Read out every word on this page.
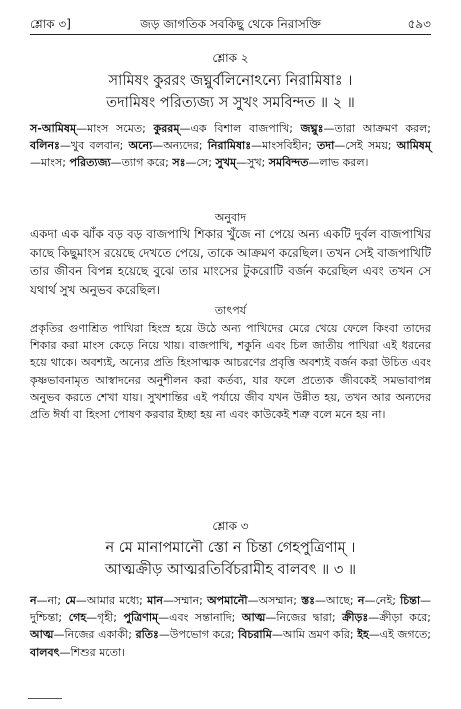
শ্লোক ৩]	জড় জাগতিক সবকিছু থেকে নিরাসক্তি	৫৯৩
শ্লোক ২
সামিষং কুররং জঘ্নুর্বলিনোঽন্যে নিরামিষাঃ ।
তদামিষং পরিত্যজ্য স সুখং সমবিন্দত ॥ ২ ॥
স-আমিষম্—মাংস সমেত; কুররম্—এক বিশাল বাজপাখি; জঘ্নুঃ—তারা আক্রমণ করল; বলিনঃ—খুব বলবান; অন্যে—অন্যদের; নিরামিষাঃ—মাংসবিহীন; তদা—সেই সময়; আমিষম্—মাংস; পরিত্যজ্য—ত্যাগ করে; সঃ—সে; সুখম্—সুখ; সমবিন্দত—লাভ করল।
অনুবাদ
একদা এক ঝাঁক বড় বড় বাজপাখি শিকার খুঁজে না পেয়ে অন্য একটি দুর্বল বাজপাখির কাছে কিছুমাংস রয়েছে দেখতে পেয়ে, তাকে আক্রমণ করেছিল। তখন সেই বাজপাখিটি তার জীবন বিপন্ন হয়েছে বুঝে তার মাংসের টুকরোটি বর্জন করেছিল এবং তখন সে যথার্থ সুখ অনুভব করেছিল।
তাৎপর্য
প্রকৃতির গুণাশ্রিত পাখিরা হিংস্র হয়ে উঠে অন্য পাখিদের মেরে খেয়ে ফেলে কিংবা তাদের শিকার করা মাংস কেড়ে নিয়ে খায়। বাজপাখি, শকুনি এবং চিল জাতীয় পাখিরা এই ধরনের হয়ে থাকে। অবশ্যই, অন্যের প্রতি হিংসাত্মক আচরণের প্রবৃত্তি অবশ্যই বর্জন করা উচিত এবং কৃষ্ণভাবনামৃত আস্বাদনের অনুশীলন করা কর্তব্য, যার ফলে প্রত্যেক জীবকেই সমভাবাপন্ন অনুভব করতে শেখা যায়। সুখশান্তির এই পর্যায়ে জীব যখন উন্নীত হয়, তখন আর অন্যদের প্রতি ঈর্ষা বা হিংসা পোষণ করবার ইচ্ছা হয় না এবং কাউকেই শত্রু বলে মনে হয় না।
শ্লোক ৩
ন মে মানাপমানৌ স্তো ন চিন্তা গেহপুত্রিণাম্ ।
আত্মক্রীড় আত্মরতির্বিচরামীহ বালবৎ ॥ ৩ ॥
ন—না; মে—আমার মধ্যে; মান—সম্মান; অপমানৌ—অসম্মান; স্তঃ—আছে; ন—নেই; চিন্তা—দুশ্চিন্তা; গেহ—গৃহী; পুত্রিণাম্—এবং সন্তানাদি; আত্ম—নিজের দ্বারা; ক্রীড়ঃ—ক্রীড়া করে; আত্ম—নিজের একাকী; রতিঃ—উপভোগ করে; বিচরামি—আমি ভ্রমণ করি; ইহ—এই জগতে; বালবৎ—শিশুর মতো।
